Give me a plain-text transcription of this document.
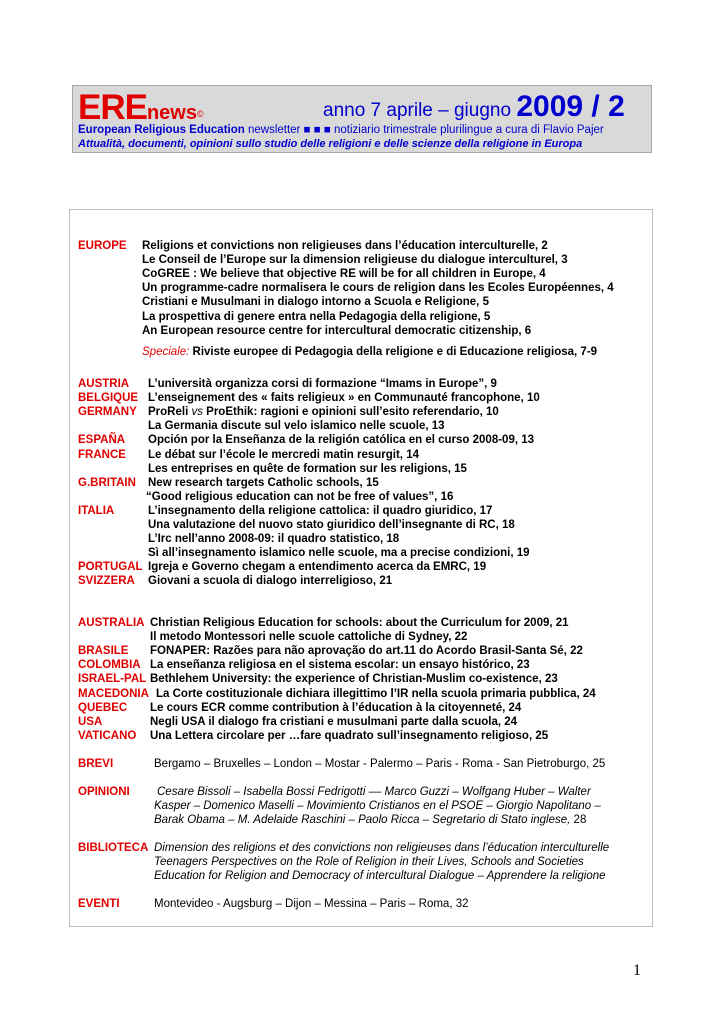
EREnews©	anno 7 aprile – giugno 2009 / 2
European Religious Education newsletter ■ ■ ■ notiziario trimestrale plurilingue a cura di Flavio Pajer
Attualità, documenti, opinioni sullo studio delle religioni e delle scienze della religione in Europa
EUROPE Religions et convictions non religieuses dans l’éducation interculturelle, 2
Le Conseil de l’Europe sur la dimension religieuse du dialogue interculturel, 3
CoGREE : We believe that objective RE will be for all children in Europe, 4
Un programme-cadre normalisera le cours de religion dans les Ecoles Européennes, 4
Cristiani e Musulmani in dialogo intorno a Scuola e Religione, 5
La prospettiva di genere entra nella Pedagogia della religione, 5
An European resource centre for intercultural democratic citizenship, 6
Speciale: Riviste europee di Pedagogia della religione e di Educazione religiosa, 7-9
AUSTRIA L’università organizza corsi di formazione “Imams in Europe”, 9
BELGIQUE L’enseignement des « faits religieux » en Communauté francophone, 10
GERMANY ProReli vs ProEthik: ragioni e opinioni sull’esito referendario, 10
La Germania discute sul velo islamico nelle scuole, 13
ESPAÑA Opción por la Enseñanza de la religión católica en el curso 2008-09, 13
FRANCE Le débat sur l’école le mercredi matin resurgit, 14
Les entreprises en quête de formation sur les religions, 15
G.BRITAIN New research targets Catholic schools, 15
“Good religious education can not be free of values”, 16
ITALIA	L’insegnamento della religione cattolica: il quadro giuridico, 17
Una valutazione del nuovo stato giuridico dell’insegnante di RC, 18
L’Irc nell’anno 2008-09: il quadro statistico, 18
Sì all’insegnamento islamico nelle scuole, ma a precise condizioni, 19
PORTUGAL Igreja e Governo chegam a entendimento acerca da EMRC, 19
SVIZZERA Giovani a scuola di dialogo interreligioso, 21
AUSTRALIA Christian Religious Education for schools: about the Curriculum for 2009, 21
Il metodo Montessori nelle scuole cattoliche di Sydney, 22
BRASILE FONAPER: Razões para não aprovação do art.11 do Acordo Brasil-Santa Sé, 22
COLOMBIA La enseñanza religiosa en el sistema escolar: un ensayo histórico, 23
ISRAEL-PAL Bethlehem University: the experience of Christian-Muslim co-existence, 23
MACEDONIA La Corte costituzionale dichiara illegittimo l’IR nella scuola primaria pubblica, 24
QUEBEC Le cours ECR comme contribution à l’éducation à la citoyenneté, 24
USA	Negli USA il dialogo fra cristiani e musulmani parte dalla scuola, 24
VATICANO Una Lettera circolare per …fare quadrato sull’insegnamento religioso, 25
BREVI	Bergamo – Bruxelles – London – Mostar - Palermo – Paris - Roma - San Pietroburgo, 25
OPINIONI Cesare Bissoli – Isabella Bossi Fedrigotti –– Marco Guzzi – Wolfgang Huber – Walter
Kasper – Domenico Maselli – Movimiento Cristianos en el PSOE – Giorgio Napolitano –
Barak Obama – M. Adelaide Raschini – Paolo Ricca – Segretario di Stato inglese, 28
BIBLIOTECA Dimension des religions et des convictions non religieuses dans l’éducation interculturelle
Teenagers Perspectives on the Role of Religion in their Lives, Schools and Societies
Education for Religion and Democracy of intercultural Dialogue – Apprendere la religione
EVENTI	Montevideo - Augsburg – Dijon – Messina – Paris – Roma, 32
1
